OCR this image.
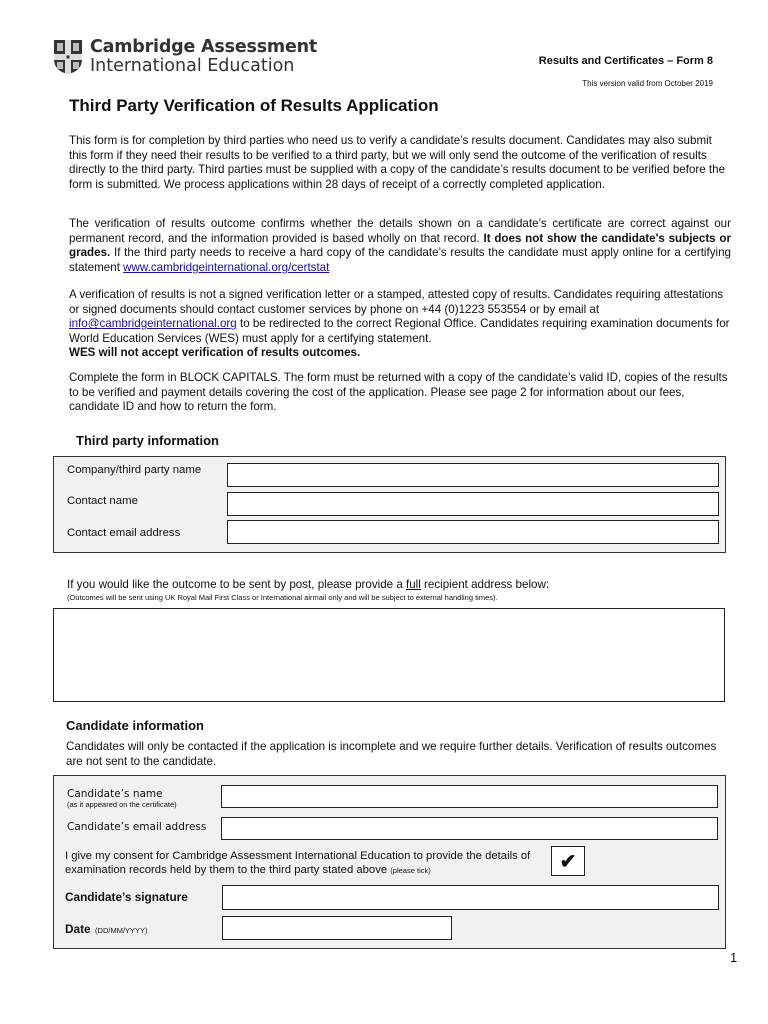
Cambridge Assessment
International Education	Results and Certificates – Form 8
This version valid from October 2019
Third Party Verification of Results Application

This form is for completion by third parties who need us to verify a candidate’s results document. Candidates may also submit this form if they need their results to be verified to a third party, but we will only send the outcome of the verification of results directly to the third party. Third parties must be supplied with a copy of the candidate’s results document to be verified before the form is submitted. We process applications within 28 days of receipt of a correctly completed application.

The verification of results outcome confirms whether the details shown on a candidate’s certificate are correct against our permanent record, and the information provided is based wholly on that record. It does not show the candidate's subjects or grades. If the third party needs to receive a hard copy of the candidate’s results the candidate must apply online for a certifying statement www.cambridgeinternational.org/certstat

A verification of results is not a signed verification letter or a stamped, attested copy of results. Candidates requiring attestations or signed documents should contact customer services by phone on +44 (0)1223 553554 or by email at info@cambridgeinternational.org to be redirected to the correct Regional Office. Candidates requiring examination documents for World Education Services (WES) must apply for a certifying statement.

WES will not accept verification of results outcomes.

Complete the form in BLOCK CAPITALS. The form must be returned with a copy of the candidate’s valid ID, copies of the results to be verified and payment details covering the cost of the application. Please see page 2 for information about our fees, candidate ID and how to return the form.

Third party information
Company/third party name
Contact name
Contact email address
If you would like the outcome to be sent by post, please provide a full recipient address below:
(Outcomes will be sent using UK Royal Mail First Class or International airmail only and will be subject to external handling times).
Candidate information
Candidates will only be contacted if the application is incomplete and we require further details. Verification of results outcomes are not sent to the candidate.
Candidate’s name
(as it appeared on the certificate)
Candidate’s email address
I give my consent for Cambridge Assessment International Education to provide the details of examination records held by them to the third party stated above (please tick)	✔
Candidate’s signature
Date (DD/MM/YYYY)
1
